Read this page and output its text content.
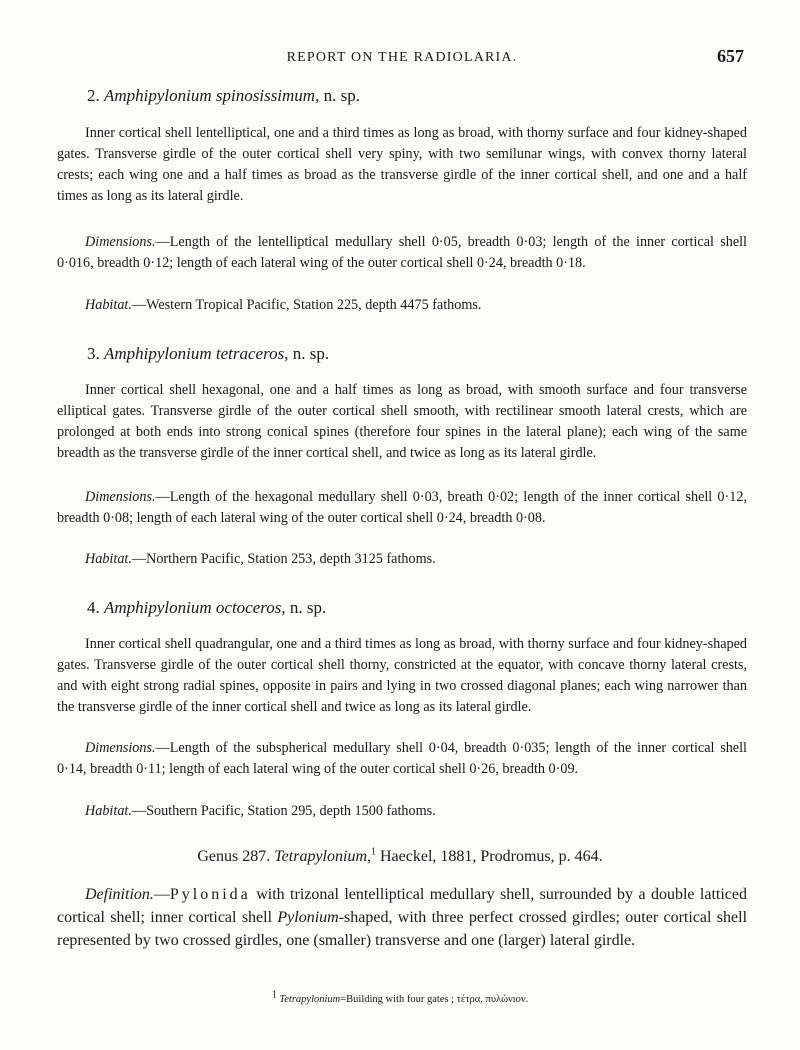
REPORT ON THE RADIOLARIA.	657
2. Amphipylonium spinosissimum, n. sp.
Inner cortical shell lentelliptical, one and a third times as long as broad, with thorny surface and four kidney-shaped gates. Transverse girdle of the outer cortical shell very spiny, with two semilunar wings, with convex thorny lateral crests; each wing one and a half times as broad as the transverse girdle of the inner cortical shell, and one and a half times as long as its lateral girdle.
Dimensions.—Length of the lentelliptical medullary shell 0·05, breadth 0·03; length of the inner cortical shell 0·016, breadth 0·12; length of each lateral wing of the outer cortical shell 0·24, breadth 0·18.
Habitat.—Western Tropical Pacific, Station 225, depth 4475 fathoms.
3. Amphipylonium tetraceros, n. sp.
Inner cortical shell hexagonal, one and a half times as long as broad, with smooth surface and four transverse elliptical gates. Transverse girdle of the outer cortical shell smooth, with rectilinear smooth lateral crests, which are prolonged at both ends into strong conical spines (therefore four spines in the lateral plane); each wing of the same breadth as the transverse girdle of the inner cortical shell, and twice as long as its lateral girdle.
Dimensions.—Length of the hexagonal medullary shell 0·03, breath 0·02; length of the inner cortical shell 0·12, breadth 0·08; length of each lateral wing of the outer cortical shell 0·24, breadth 0·08.
Habitat.—Northern Pacific, Station 253, depth 3125 fathoms.
4. Amphipylonium octoceros, n. sp.
Inner cortical shell quadrangular, one and a third times as long as broad, with thorny surface and four kidney-shaped gates. Transverse girdle of the outer cortical shell thorny, constricted at the equator, with concave thorny lateral crests, and with eight strong radial spines, opposite in pairs and lying in two crossed diagonal planes; each wing narrower than the transverse girdle of the inner cortical shell and twice as long as its lateral girdle.
Dimensions.—Length of the subspherical medullary shell 0·04, breadth 0·035; length of the inner cortical shell 0·14, breadth 0·11; length of each lateral wing of the outer cortical shell 0·26, breadth 0·09.
Habitat.—Southern Pacific, Station 295, depth 1500 fathoms.
Genus 287. Tetrapylonium,$^1$ Haeckel, 1881, Prodromus, p. 464.
Definition.—Pylonida with trizonal lentelliptical medullary shell, surrounded by a double latticed cortical shell; inner cortical shell Pylonium-shaped, with three perfect crossed girdles; outer cortical shell represented by two crossed girdles, one (smaller) transverse and one (larger) lateral girdle.
$^1$ Tetrapylonium=Building with four gates ; τέτρα, πυλώνιον.
